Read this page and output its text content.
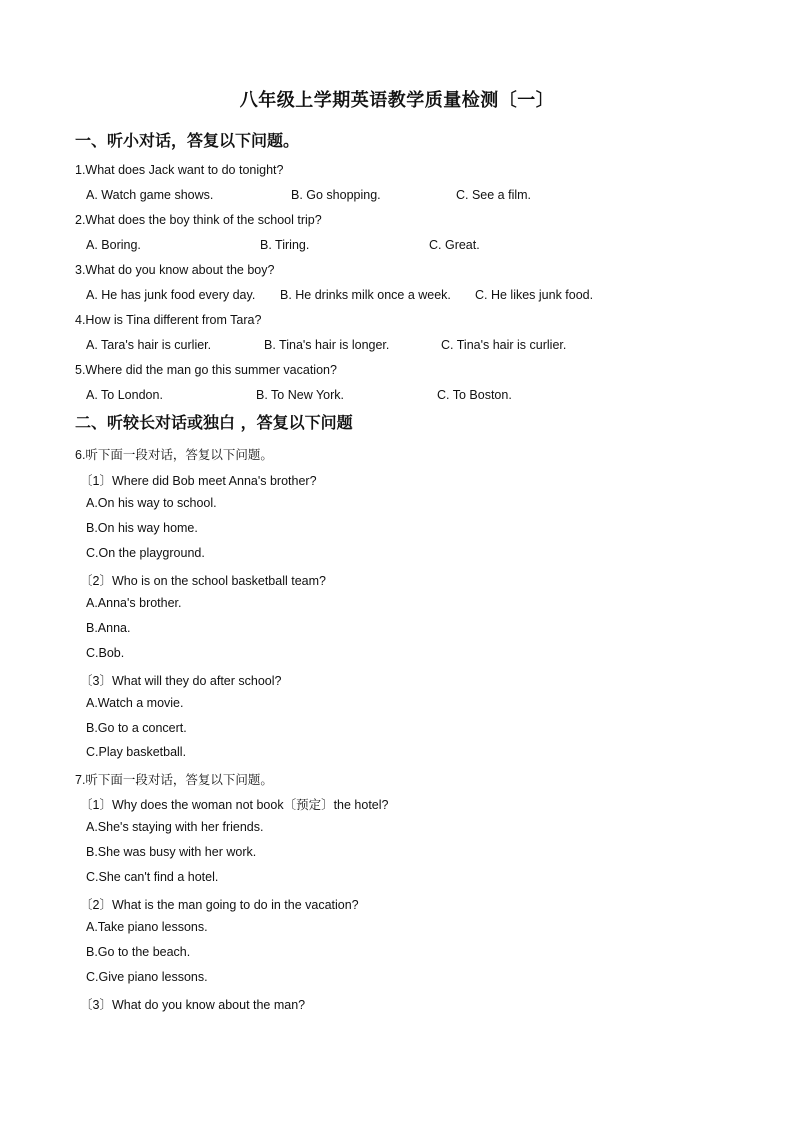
八年级上学期英语教学质量检测〔一〕
一、听小对话，答复以下问题。
1.What does Jack want to do tonight?
A. Watch game shows.	B. Go shopping.	C. See a film.
2.What does the boy think of the school trip?
A. Boring.	B. Tiring.	C. Great.
3.What do you know about the boy?
A. He has junk food every day. B. He drinks milk once a week. C. He likes junk food.
4.How is Tina different from Tara?
A. Tara's hair is curlier.	B. Tina's hair is longer.	C. Tina's hair is curlier.
5.Where did the man go this summer vacation?
A. To London.	B. To New York.	C. To Boston.
二、听较长对话或独白 ，答复以下问题
6.听下面一段对话，答复以下问题。
〔1〕Where did Bob meet Anna's brother?
A.On his way to school.
B.On his way home.
C.On the playground.
〔2〕Who is on the school basketball team?
A.Anna's brother.
B.Anna.
C.Bob.
〔3〕What will they do after school?
A.Watch a movie.
B.Go to a concert.
C.Play basketball.
7.听下面一段对话，答复以下问题。
〔1〕Why does the woman not book〔预定〕the hotel?
A.She's staying with her friends.
B.She was busy with her work.
C.She can't find a hotel.
〔2〕What is the man going to do in the vacation?
A.Take piano lessons.
B.Go to the beach.
C.Give piano lessons.
〔3〕What do you know about the man?
